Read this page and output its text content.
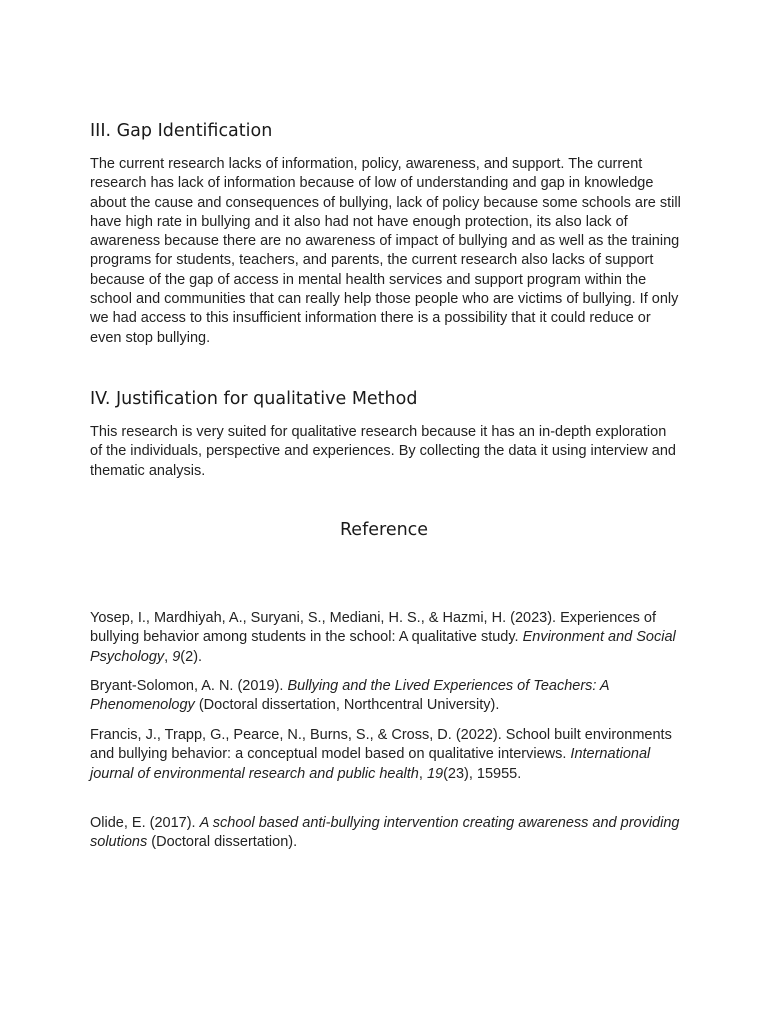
III. Gap Identification

The current research lacks of information, policy, awareness, and support. The current research has lack of information because of low of understanding and gap in knowledge about the cause and consequences of bullying, lack of policy because some schools are still have high rate in bullying and it also had not have enough protection, its also lack of awareness because there are no awareness of impact of bullying and as well as the training programs for students, teachers, and parents, the current research also lacks of support because of the gap of access in mental health services and support program within the school and communities that can really help those people who are victims of bullying. If only we had access to this insufficient information there is a possibility that it could reduce or even stop bullying.

IV. Justification for qualitative Method

This research is very suited for qualitative research because it has an in-depth exploration of the individuals, perspective and experiences. By collecting the data it using interview and thematic analysis.

Reference

Yosep, I., Mardhiyah, A., Suryani, S., Mediani, H. S., & Hazmi, H. (2023). Experiences of bullying behavior among students in the school: A qualitative study. Environment and Social Psychology, 9(2).

Bryant-Solomon, A. N. (2019). Bullying and the Lived Experiences of Teachers: A Phenomenology (Doctoral dissertation, Northcentral University).

Francis, J., Trapp, G., Pearce, N., Burns, S., & Cross, D. (2022). School built environments and bullying behavior: a conceptual model based on qualitative interviews. International journal of environmental research and public health, 19(23), 15955.

Olide, E. (2017). A school based anti-bullying intervention creating awareness and providing solutions (Doctoral dissertation).
